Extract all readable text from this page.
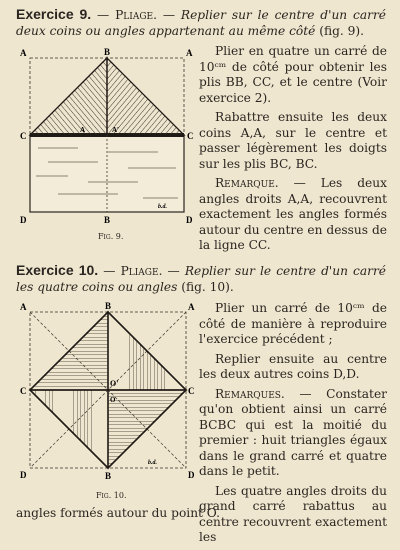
Exercice 9. — Pliage. — Replier sur le centre d'un carré deux coins ou angles appartenant au même côté (fig. 9).
A	B	A
C	C
A	A'
D	B	D
b.d.
Fig. 9.

Plier en quatre un carré de 10ᶜᵐ de côté pour obtenir les plis BB, CC, et le centre (Voir exercice 2).

Rabattre ensuite les deux coins A,A, sur le centre et passer légèrement les doigts sur les plis BC, BC.

Remarque. — Les deux angles droits A,A, recouvrent exactement les angles formés autour du centre en dessus de la ligne CC.

Exercice 10. — Pliage. — Replier sur le centre d'un carré les quatre coins ou angles (fig. 10).
A	B	A
C	C
O'
O
D	B	D
b.d.
Fig. 10.

Plier un carré de 10ᶜᵐ de côté de manière à reproduire l'exercice précédent ;

Replier ensuite au centre les deux autres coins D,D.

Remarques. — Constater qu'on obtient ainsi un carré BCBC qui est la moitié du premier : huit triangles égaux dans le grand carré et quatre dans le petit.

Les quatre angles droits du grand carré rabattus au centre recouvrent exactement les

angles formés autour du point O.
